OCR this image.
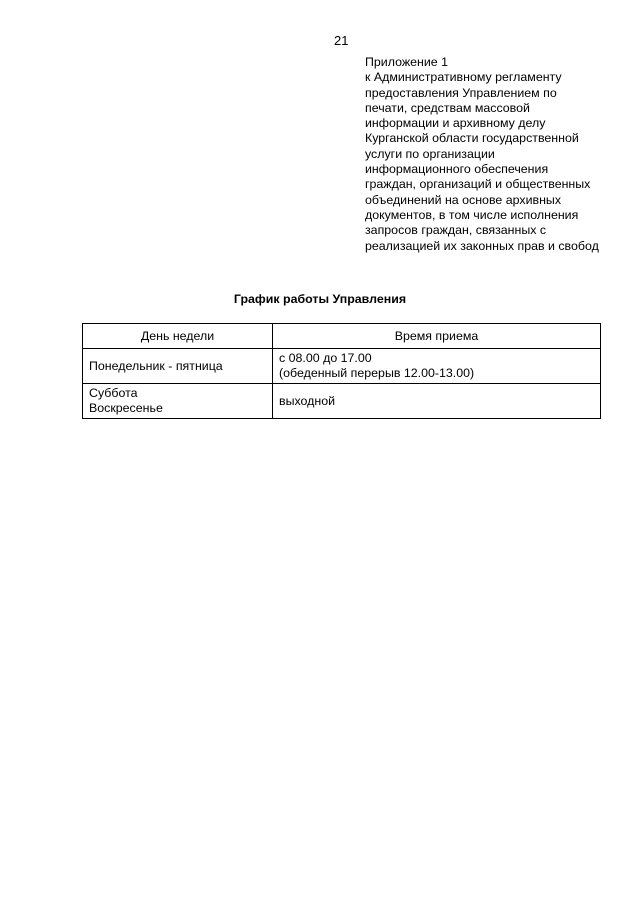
21
Приложение 1
к Административному регламенту
предоставления Управлением по
печати, средствам массовой
информации и архивному делу
Курганской области государственной
услуги по организации
информационного обеспечения
граждан, организаций и общественных
объединений на основе архивных
документов, в том числе исполнения
запросов граждан, связанных с
реализацией их законных прав и свобод
График работы Управления
День недели	Время приема

Понедельник - пятница	с 08.00 до 17.00
(обеденный перерыв 12.00-13.00)

Суббота
Воскресенье	выходной
